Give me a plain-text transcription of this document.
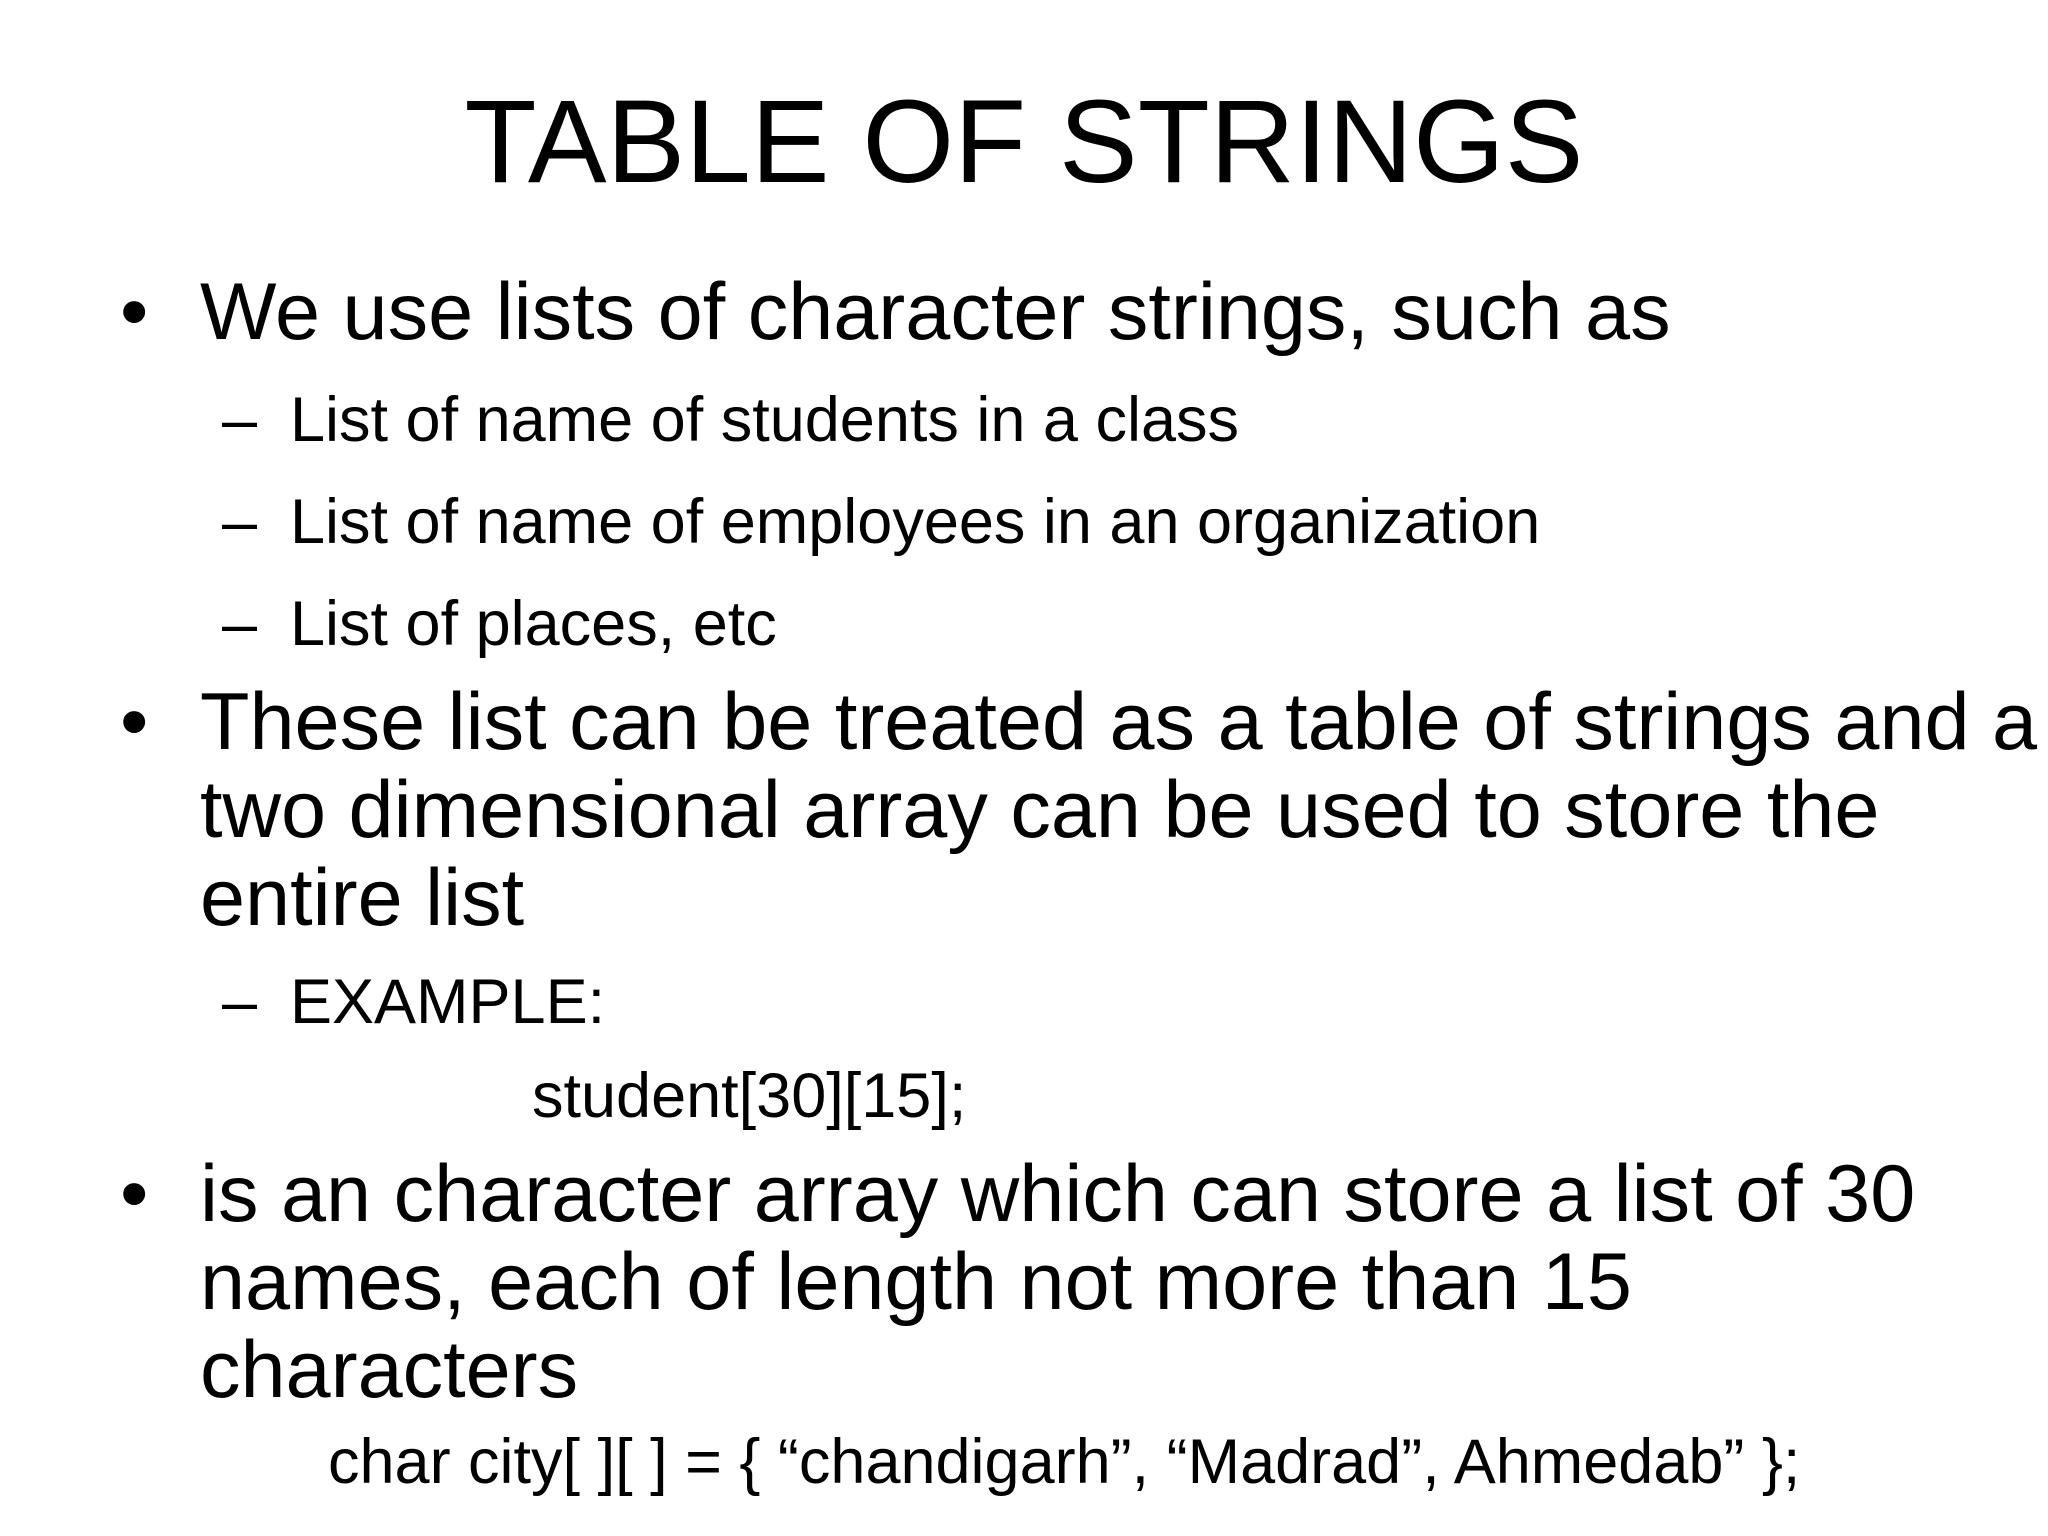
TABLE OF STRINGS
• We use lists of character strings, such as
– List of name of students in a class
– List of name of employees in an organization
– List of places, etc
• These list can be treated as a table of strings and a two dimensional array can be used to store the entire list
– EXAMPLE:
student[30][15];
• is an character array which can store a list of 30 names, each of length not more than 15 characters
char city[ ][ ] = { “chandigarh”, “Madrad”, Ahmedab” };
